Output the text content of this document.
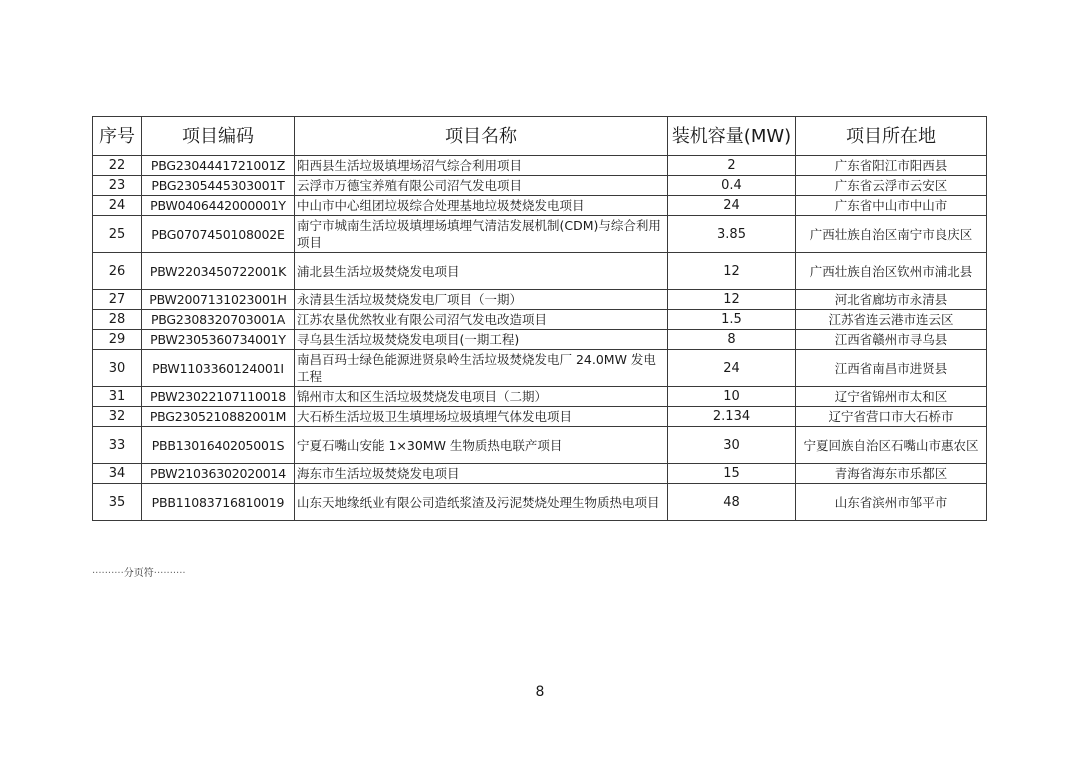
序号	项目编码	项目名称	装机容量(MW)	项目所在地
22	PBG2304441721001Z	阳西县生活垃圾填埋场沼气综合利用项目	2	广东省阳江市阳西县
23	PBG2305445303001T	云浮市万德宝养殖有限公司沼气发电项目	0.4	广东省云浮市云安区
24	PBW0406442000001Y	中山市中心组团垃圾综合处理基地垃圾焚烧发电项目	24	广东省中山市中山市
25	PBG0707450108002E	南宁市城南生活垃圾填埋场填埋气清洁发展机制(CDM)与综合利用项目	3.85	广西壮族自治区南宁市良庆区
26	PBW2203450722001K	浦北县生活垃圾焚烧发电项目	12	广西壮族自治区钦州市浦北县
27	PBW2007131023001H	永清县生活垃圾焚烧发电厂项目（一期）	12	河北省廊坊市永清县
28	PBG2308320703001A	江苏农垦优然牧业有限公司沼气发电改造项目	1.5	江苏省连云港市连云区
29	PBW2305360734001Y	寻乌县生活垃圾焚烧发电项目(一期工程)	8	江西省赣州市寻乌县
30	PBW1103360124001I	南昌百玛士绿色能源进贤泉岭生活垃圾焚烧发电厂 24.0MW 发电工程	24	江西省南昌市进贤县
31	PBW23022107110018	锦州市太和区生活垃圾焚烧发电项目（二期）	10	辽宁省锦州市太和区
32	PBG2305210882001M	大石桥生活垃圾卫生填埋场垃圾填埋气体发电项目	2.134	辽宁省营口市大石桥市
33	PBB1301640205001S	宁夏石嘴山安能 1×30MW 生物质热电联产项目	30	宁夏回族自治区石嘴山市惠农区
34	PBW21036302020014	海东市生活垃圾焚烧发电项目	15	青海省海东市乐都区
35	PBB11083716810019	山东天地缘纸业有限公司造纸浆渣及污泥焚烧处理生物质热电项目	48	山东省滨州市邹平市
··········分页符··········
8
